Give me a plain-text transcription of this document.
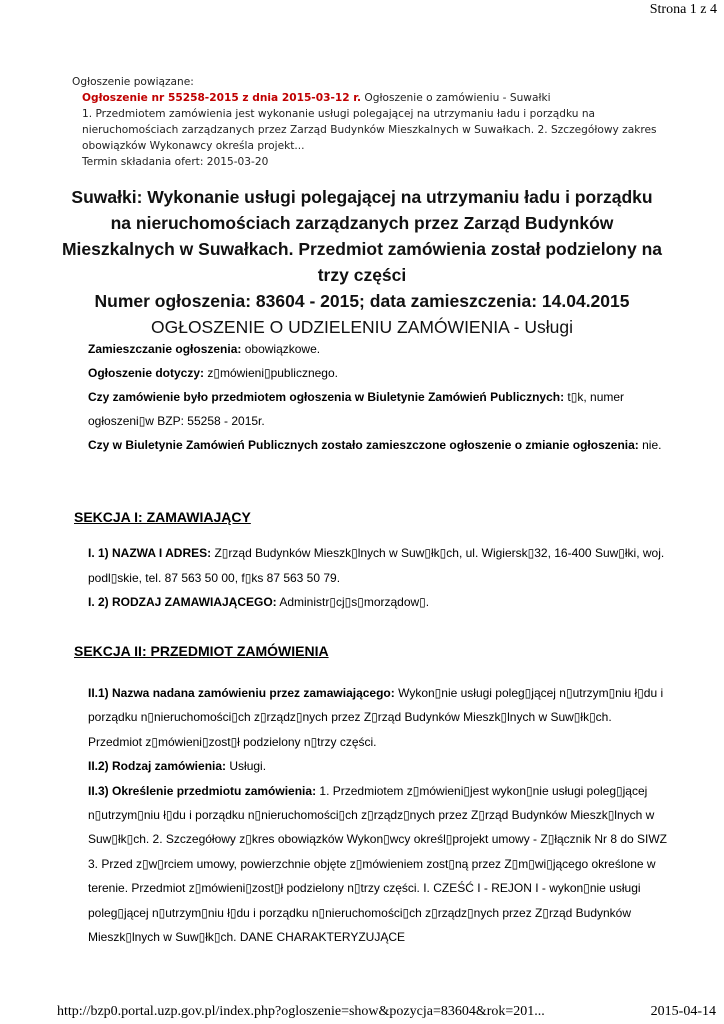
Strona 1 z 4
Ogłoszenie powiązane:
Ogłoszenie nr 55258-2015 z dnia 2015-03-12 r. Ogłoszenie o zamówieniu - Suwałki
1. Przedmiotem zamówienia jest wykonanie usługi polegającej na utrzymaniu ładu i porządku na nieruchomościach zarządzanych przez Zarząd Budynków Mieszkalnych w Suwałkach. 2. Szczegółowy zakres obowiązków Wykonawcy określa projekt...
Termin składania ofert: 2015-03-20
Suwałki: Wykonanie usługi polegającej na utrzymaniu ładu i porządku na nieruchomościach zarządzanych przez Zarząd Budynków Mieszkalnych w Suwałkach. Przedmiot zamówienia został podzielony na trzy części
Numer ogłoszenia: 83604 - 2015; data zamieszczenia: 14.04.2015
OGŁOSZENIE O UDZIELENIU ZAMÓWIENIA - Usługi

Zamieszczanie ogłoszenia: obowiązkowe.

Ogłoszenie dotyczy: z▯mówieni▯publicznego.

Czy zamówienie było przedmiotem ogłoszenia w Biuletynie Zamówień Publicznych: t▯k, numer ogłoszeni▯w BZP: 55258 - 2015r.

Czy w Biuletynie Zamówień Publicznych zostało zamieszczone ogłoszenie o zmianie ogłoszenia: nie.

SEKCJA I: ZAMAWIAJĄCY

I. 1) NAZWA I ADRES: Z▯rząd Budynków Mieszk▯lnych w Suw▯łk▯ch, ul. Wigiersk▯32, 16-400 Suw▯łki, woj. podl▯skie, tel. 87 563 50 00, f▯ks 87 563 50 79.

I. 2) RODZAJ ZAMAWIAJĄCEGO: Administr▯cj▯s▯morządow▯.

SEKCJA II: PRZEDMIOT ZAMÓWIENIA

II.1) Nazwa nadana zamówieniu przez zamawiającego: Wykon▯nie usługi poleg▯jącej n▯utrzym▯niu ł▯du i porządku n▯nieruchomości▯ch z▯rządz▯nych przez Z▯rząd Budynków Mieszk▯lnych w Suw▯łk▯ch. Przedmiot z▯mówieni▯zost▯ł podzielony n▯trzy części.

II.2) Rodzaj zamówienia: Usługi.

II.3) Określenie przedmiotu zamówienia: 1. Przedmiotem z▯mówieni▯jest wykon▯nie usługi poleg▯jącej n▯utrzym▯niu ł▯du i porządku n▯nieruchomości▯ch z▯rządz▯nych przez Z▯rząd Budynków Mieszk▯lnych w Suw▯łk▯ch. 2. Szczegółowy z▯kres obowiązków Wykon▯wcy określ▯projekt umowy - Z▯łącznik Nr 8 do SIWZ 3. Przed z▯w▯rciem umowy, powierzchnie objęte z▯mówieniem zost▯ną przez Z▯m▯wi▯jącego określone w terenie. Przedmiot z▯mówieni▯zost▯ł podzielony n▯trzy części. I. CZEŚĆ I - REJON I - wykon▯nie usługi poleg▯jącej n▯utrzym▯niu ł▯du i porządku n▯nieruchomości▯ch z▯rządz▯nych przez Z▯rząd Budynków Mieszk▯lnych w Suw▯łk▯ch. DANE CHARAKTERYZUJĄCE

http://bzp0.portal.uzp.gov.pl/index.php?ogloszenie=show&pozycja=83604&rok=201...	2015-04-14
